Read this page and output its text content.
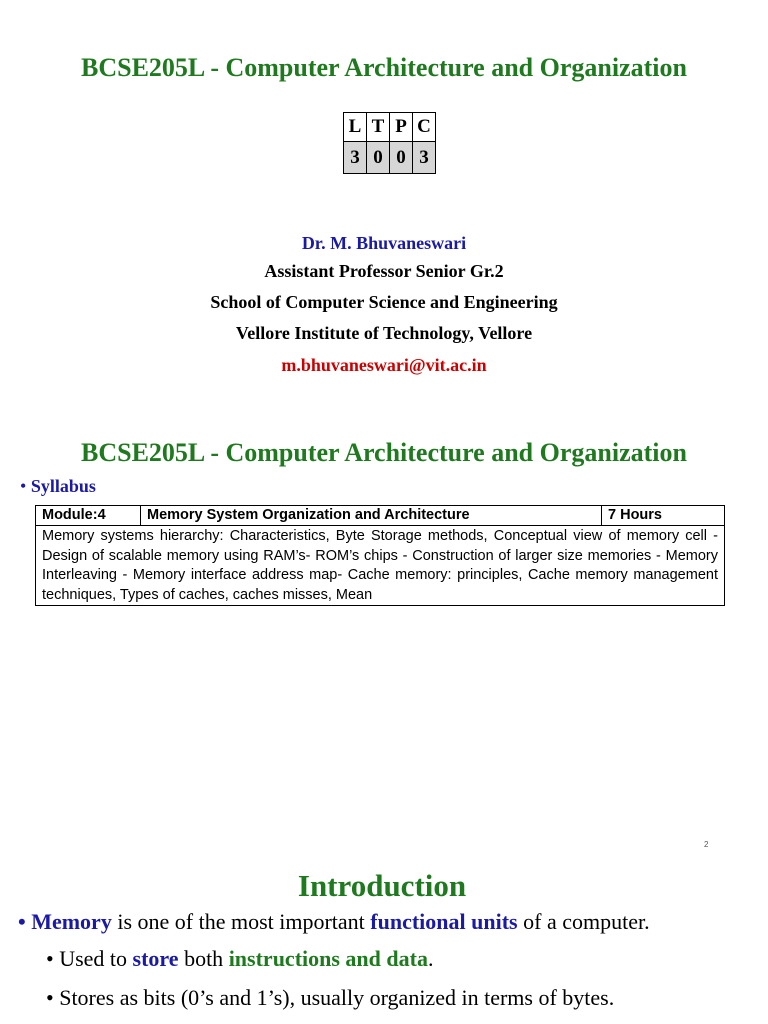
BCSE205L - Computer Architecture and Organization
L	T	P	C
3	0	0	3
Dr. M. Bhuvaneswari
Assistant Professor Senior Gr.2
School of Computer Science and Engineering
Vellore Institute of Technology, Vellore
m.bhuvaneswari@vit.ac.in
BCSE205L - Computer Architecture and Organization
• Syllabus
Module:4	Memory System Organization and Architecture	7 Hours
Memory systems hierarchy: Characteristics, Byte Storage methods, Conceptual view of memory cell - Design of scalable memory using RAM’s- ROM’s chips - Construction of larger size memories - Memory Interleaving - Memory interface address map- Cache memory: principles, Cache memory management techniques, Types of caches, caches misses, Mean
2
Introduction
• Memory is one of the most important functional units of a computer.
• Used to store both instructions and data.
• Stores as bits (0’s and 1’s), usually organized in terms of bytes.
